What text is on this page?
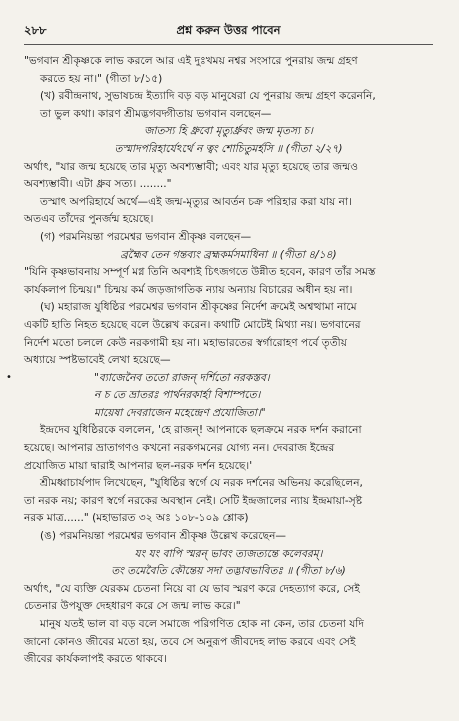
২৮৮	প্রশ্ন করুন উত্তর পাবেন
"ভগবান শ্রীকৃষ্ণকে লাভ করলে আর এই দুঃখময় নশ্বর সংসারে পুনরায় জন্ম গ্রহণ
করতে হয় না।" (গীতা ৮/১৫)
(খ) রবীন্দ্রনাথ, সুভাষচন্দ্র ইত্যাদি বড় বড় মানুষেরা যে পুনরায় জন্ম গ্রহণ করেননি,
তা ভুল কথা। কারণ শ্রীমদ্ভগবদ্গীতায় ভগবান বলছেন—
জাতস্য হি ধ্রুবো মৃত্যুর্ধ্রুবং জন্ম মৃতস্য চ।
তস্মাদপরিহার্যেঽর্থে ন ত্বং শোচিতুমর্হসি ॥ (গীতা ২/২৭)
অর্থাৎ, "যার জন্ম হয়েছে তার মৃত্যু অবশ্যম্ভাবী; এবং যার মৃত্যু হয়েছে তার জন্মও
অবশ্যম্ভাবী। এটা ধ্রুব সত্য। ........"
তস্মাৎ অপরিহার্যে অর্থে—এই জন্ম-মৃত্যুর আবর্তন চক্র পরিহার করা যায় না।
অতএব তাঁদের পুনর্জন্ম হয়েছে।
(গ) পরমনিয়ন্তা পরমেশ্বর ভগবান শ্রীকৃষ্ণ বলছেন—
ব্রহ্মৈব তেন গন্তব্যং ব্রহ্মকর্মসমাধিনা ॥ (গীতা ৪/১৪)
"যিনি কৃষ্ণভাবনায় সম্পূর্ণ মগ্ন তিনি অবশ্যই চিৎজগতে উন্নীত হবেন, কারণ তাঁর সমস্ত
কার্যকলাপ চিন্ময়।" চিন্ময় কর্ম জড়জাগতিক ন্যায় অন্যায় বিচারের অধীন হয় না।
(ঘ) মহারাজ যুধিষ্ঠির পরমেশ্বর ভগবান শ্রীকৃষ্ণের নির্দেশ ক্রমেই অশ্বত্থামা নামে
একটি হাতি নিহত হয়েছে বলে উল্লেখ করেন। কথাটি মোটেই মিথ্যা নয়। ভগবানের
নির্দেশ মতো চললে কেউ নরকগামী হয় না। মহাভারতের স্বর্গারোহণ পর্বে তৃতীয়
অধ্যায়ে স্পষ্টভাবেই লেখা হয়েছে—
"ব্যাজেনৈব ততো রাজন্ দর্শিতো নরকস্তব।
ন চ তে ভ্রাতরঃ পার্থনরকার্হা বিশাম্পতে।
মায়েষা দেবরাজেন মহেন্দ্রেণ প্রযোজিতা।"
ইন্দ্রদেব যুধিষ্ঠিরকে বললেন, 'হে রাজন্! আপনাকে ছলক্রমে নরক দর্শন করানো
হয়েছে। আপনার ভ্রাতাগণও কখনো নরকগমনের যোগ্য নন। দেবরাজ ইন্দ্রের
প্রযোজিত মায়া দ্বারাই আপনার ছল-নরক দর্শন হয়েছে।'
শ্রীমধ্বাচার্যপাদ লিখেছেন, "যুধিষ্ঠির স্বর্গে যে নরক দর্শনের অভিনয় করেছিলেন,
তা নরক নয়; কারণ স্বর্গে নরকের অবস্থান নেই। সেটি ইন্দ্রজালের ন্যায় ইন্দ্রমায়া-সৃষ্ট
নরক মাত্র......" (মহাভারত ৩২ অঃ ১০৮-১০৯ শ্লোক)
(ঙ) পরমনিয়ন্তা পরমেশ্বর ভগবান শ্রীকৃষ্ণ উল্লেখ করেছেন—
যং যং বাপি স্মরন্ ভাবং ত্যজত্যন্তে কলেবরম্।
তং তমেবৈতি কৌন্তেয় সদা তদ্ভাবভাবিতঃ ॥ (গীতা ৮/৬)
অর্থাৎ, "যে ব্যক্তি যেরকম চেতনা নিয়ে বা যে ভাব স্মরণ করে দেহত্যাগ করে, সেই
চেতনার উপযুক্ত দেহধারণ করে সে জন্ম লাভ করে।"
মানুষ যতই ভাল বা বড় বলে সমাজে পরিগণিত হোক না কেন, তার চেতনা যদি
জানো কোনও জীবের মতো হয়, তবে সে অনুরূপ জীবদেহ লাভ করবে এবং সেই
জীবের কার্যকলাপই করতে থাকবে।
•
